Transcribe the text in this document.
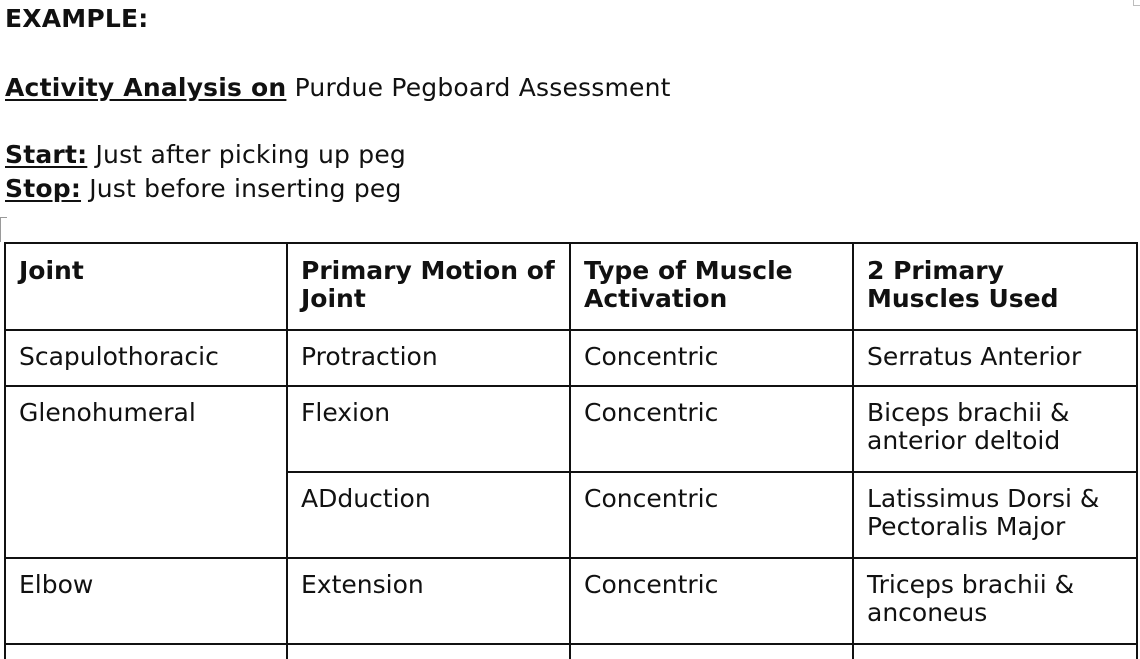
EXAMPLE:
Activity Analysis on Purdue Pegboard Assessment
Start: Just after picking up peg
Stop: Just before inserting peg
Joint	Primary Motion of Joint	Type of Muscle Activation	2 Primary Muscles Used
Scapulothoracic	Protraction	Concentric	Serratus Anterior
Glenohumeral	Flexion	Concentric	Biceps brachii & anterior deltoid
	ADduction	Concentric	Latissimus Dorsi & Pectoralis Major
Elbow	Extension	Concentric	Triceps brachii & anconeus
